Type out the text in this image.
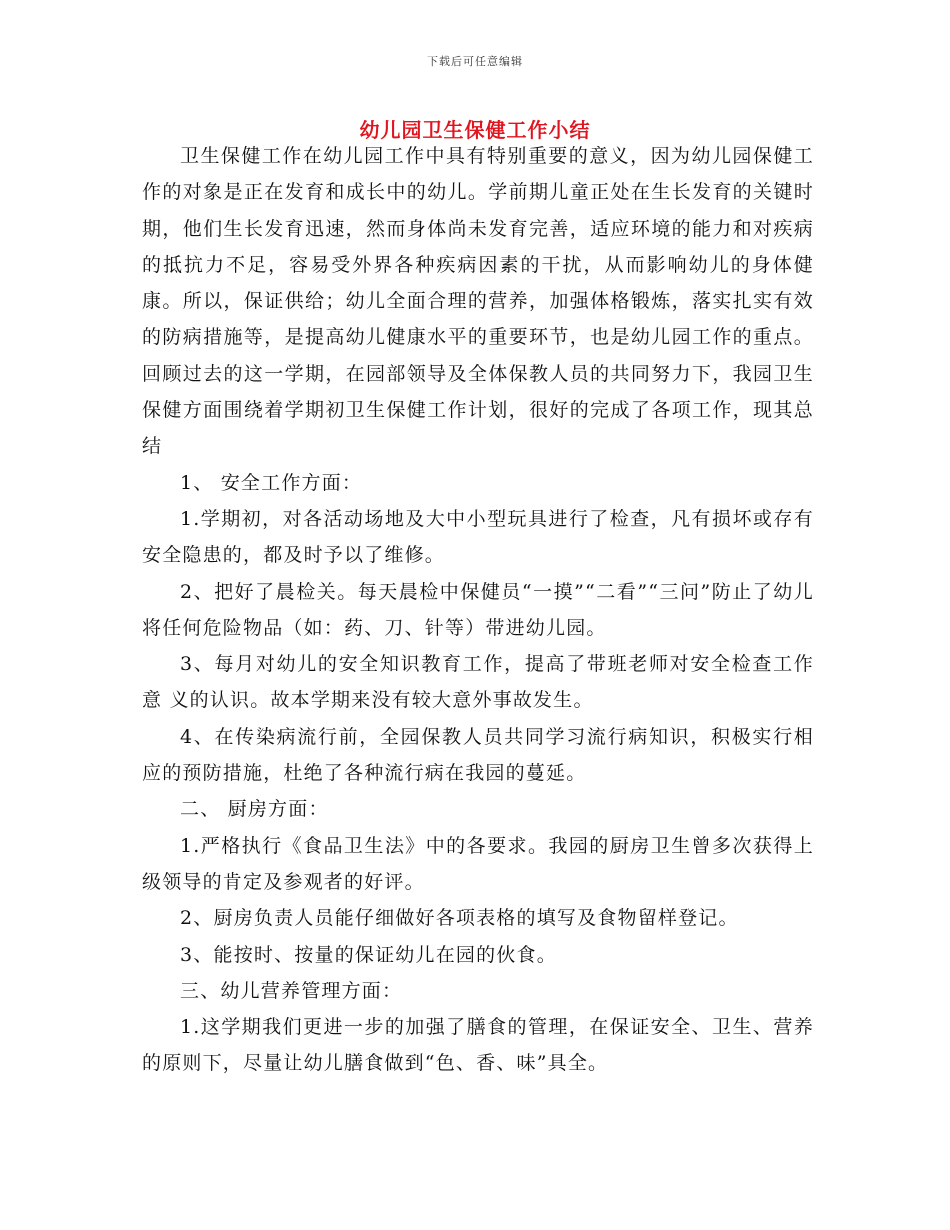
下载后可任意编辑
幼儿园卫生保健工作小结

卫生保健工作在幼儿园工作中具有特别重要的意义，因为幼儿园保健工作的对象是正在发育和成长中的幼儿。学前期儿童正处在生长发育的关键时期，他们生长发育迅速，然而身体尚未发育完善，适应环境的能力和对疾病的抵抗力不足，容易受外界各种疾病因素的干扰，从而影响幼儿的身体健康。所以，保证供给；幼儿全面合理的营养，加强体格锻炼，落实扎实有效的防病措施等，是提高幼儿健康水平的重要环节，也是幼儿园工作的重点。回顾过去的这一学期，在园部领导及全体保教人员的共同努力下，我园卫生保健方面围绕着学期初卫生保健工作计划，很好的完成了各项工作，现其总结

1、 安全工作方面：

1.学期初，对各活动场地及大中小型玩具进行了检查，凡有损坏或存有安全隐患的，都及时予以了维修。

2、把好了晨检关。每天晨检中保健员“一摸”“二看”“三问”防止了幼儿将任何危险物品（如：药、刀、针等）带进幼儿园。

3、每月对幼儿的安全知识教育工作，提高了带班老师对安全检查工作意 义的认识。故本学期来没有较大意外事故发生。

4、在传染病流行前，全园保教人员共同学习流行病知识，积极实行相应的预防措施，杜绝了各种流行病在我园的蔓延。

二、 厨房方面：

1.严格执行《食品卫生法》中的各要求。我园的厨房卫生曾多次获得上级领导的肯定及参观者的好评。

2、厨房负责人员能仔细做好各项表格的填写及食物留样登记。

3、能按时、按量的保证幼儿在园的伙食。

三、幼儿营养管理方面：

1.这学期我们更进一步的加强了膳食的管理，在保证安全、卫生、营养的原则下，尽量让幼儿膳食做到“色、香、味”具全。
